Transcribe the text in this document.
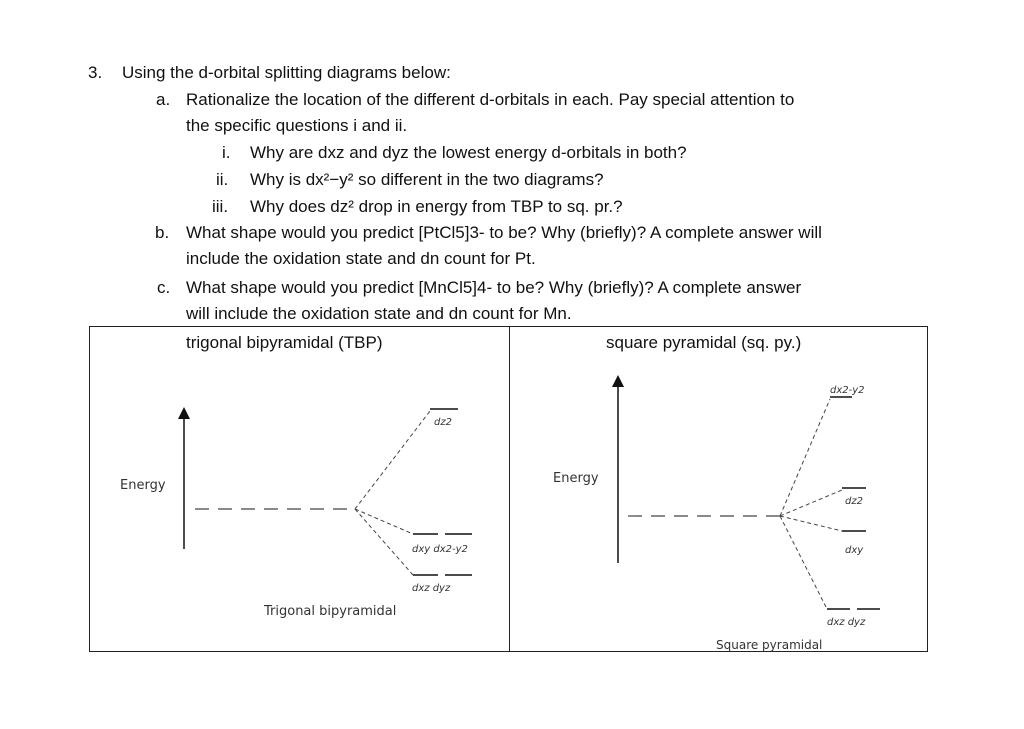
3. Using the d-orbital splitting diagrams below:
a. Rationalize the location of the different d-orbitals in each. Pay special attention to
the specific questions i and ii.
i. Why are dxz and dyz the lowest energy d-orbitals in both?
ii. Why is dx²−y² so different in the two diagrams?
iii. Why does dz² drop in energy from TBP to sq. pr.?
b. What shape would you predict [PtCl5]3- to be? Why (briefly)? A complete answer will
include the oxidation state and dn count for Pt.
c. What shape would you predict [MnCl5]4- to be? Why (briefly)? A complete answer
will include the oxidation state and dn count for Mn.
trigonal bipyramidal (TBP)	square pyramidal (sq. py.)
Energy
dz2
dxy dx2-y2
dxz dyz
Trigonal bipyramidal
Energy
dx2-y2
dz2
dxy
dxz dyz
Square pyramidal
